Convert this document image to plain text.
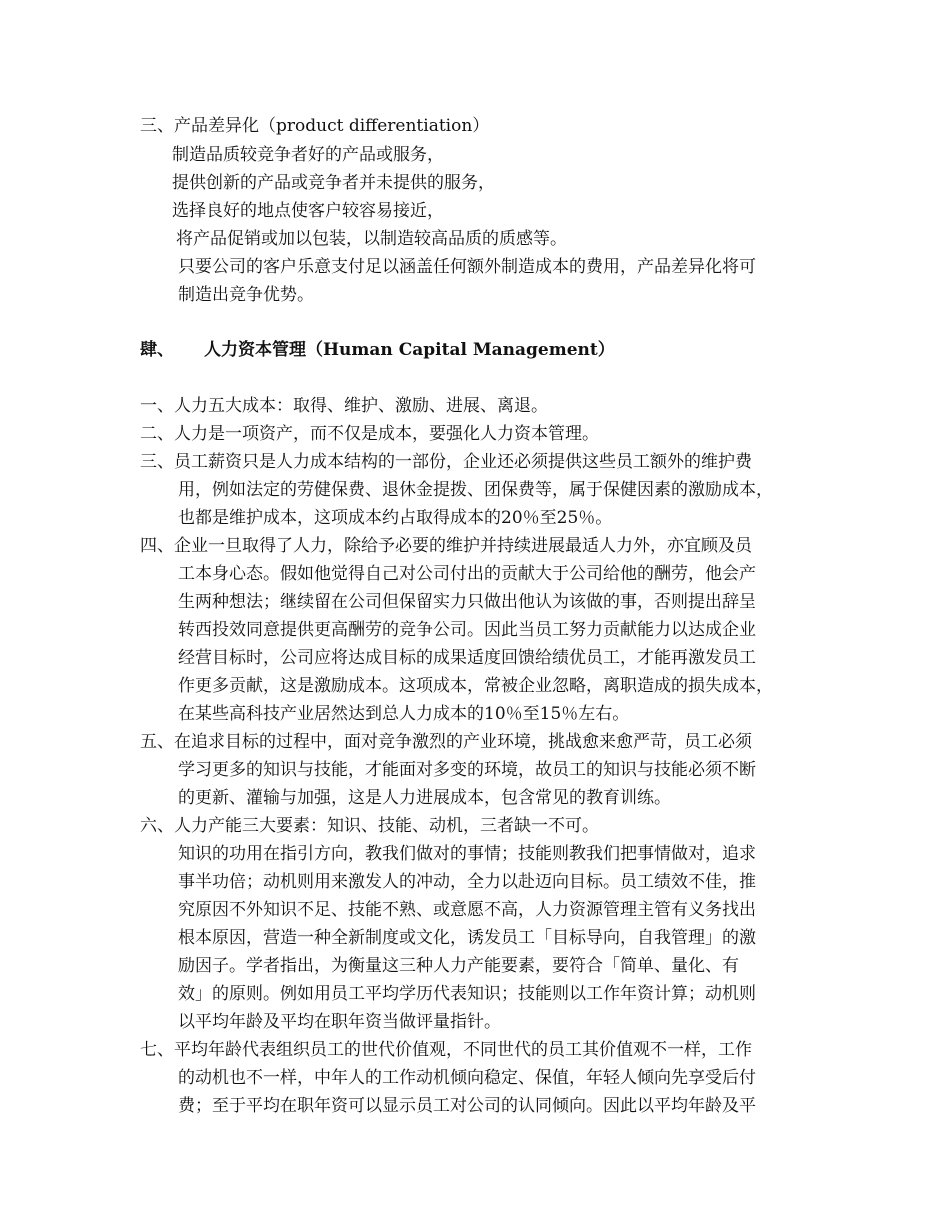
三、产品差异化（product differentiation）
制造品质较竞争者好的产品或服务，
提供创新的产品或竞争者并未提供的服务，
选择良好的地点使客户较容易接近，
将产品促销或加以包装，以制造较高品质的质感等。
只要公司的客户乐意支付足以涵盖任何额外制造成本的费用，产品差异化将可
制造出竞争优势。
肆、 人力资本管理（Human Capital Management）
一、人力五大成本：取得、维护、激励、进展、离退。
二、人力是一项资产，而不仅是成本，要强化人力资本管理。
三、员工薪资只是人力成本结构的一部份，企业还必须提供这些员工额外的维护费
用，例如法定的劳健保费、退休金提拨、团保费等，属于保健因素的激励成本，
也都是维护成本，这项成本约占取得成本的20％至25％。
四、企业一旦取得了人力，除给予必要的维护并持续进展最适人力外，亦宜顾及员
工本身心态。假如他觉得自己对公司付出的贡献大于公司给他的酬劳，他会产
生两种想法；继续留在公司但保留实力只做出他认为该做的事，否则提出辞呈
转西投效同意提供更高酬劳的竞争公司。因此当员工努力贡献能力以达成企业
经营目标时，公司应将达成目标的成果适度回馈给绩优员工，才能再激发员工
作更多贡献，这是激励成本。这项成本，常被企业忽略，离职造成的损失成本，
在某些高科技产业居然达到总人力成本的10％至15％左右。
五、在追求目标的过程中，面对竞争激烈的产业环境，挑战愈来愈严苛，员工必须
学习更多的知识与技能，才能面对多变的环境，故员工的知识与技能必须不断
的更新、灌输与加强，这是人力进展成本，包含常见的教育训练。
六、人力产能三大要素：知识、技能、动机，三者缺一不可。
知识的功用在指引方向，教我们做对的事情；技能则教我们把事情做对，追求
事半功倍；动机则用来激发人的冲动，全力以赴迈向目标。员工绩效不佳，推
究原因不外知识不足、技能不熟、或意愿不高，人力资源管理主管有义务找出
根本原因，营造一种全新制度或文化，诱发员工「目标导向，自我管理」的激
励因子。学者指出，为衡量这三种人力产能要素，要符合「简单、量化、有
效」的原则。例如用员工平均学历代表知识；技能则以工作年资计算；动机则
以平均年龄及平均在职年资当做评量指针。
七、平均年龄代表组织员工的世代价值观，不同世代的员工其价值观不一样，工作
的动机也不一样，中年人的工作动机倾向稳定、保值，年轻人倾向先享受后付
费；至于平均在职年资可以显示员工对公司的认同倾向。因此以平均年龄及平
